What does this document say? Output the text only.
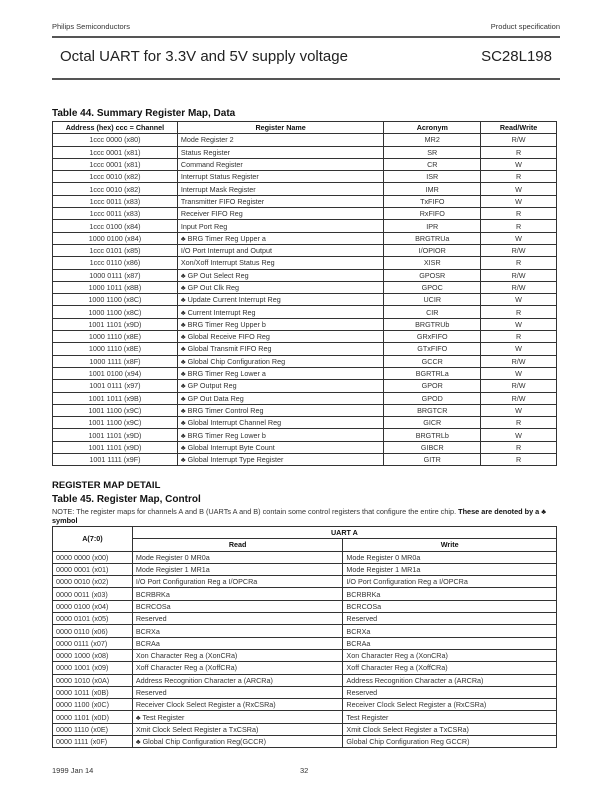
Philips Semiconductors	Product specification
Octal UART for 3.3V and 5V supply voltage	SC28L198
Table 44. Summary Register Map, Data
Address (hex) ccc = Channel	Register Name	Acronym	Read/Write
1ccc 0000 (x80)	Mode Register 2	MR2	R/W
1ccc 0001 (x81)	Status Register	SR	R
1ccc 0001 (x81)	Command Register	CR	W
1ccc 0010 (x82)	Interrupt Status Register	ISR	R
1ccc 0010 (x82)	Interrupt Mask Register	IMR	W
1ccc 0011 (x83)	Transmitter FIFO Register	TxFIFO	W
1ccc 0011 (x83)	Receiver FIFO Reg	RxFIFO	R
1ccc 0100 (x84)	Input Port Reg	IPR	R
1000 0100 (x84)	♣ BRG Timer Reg Upper a	BRGTRUa	W
1ccc 0101 (x85)	I/O Port Interrupt and Output	I/OPIOR	R/W
1ccc 0110 (x86)	Xon/Xoff Interrupt Status Reg	XISR	R
1000 0111 (x87)	♣ GP Out Select Reg	GPOSR	R/W
1000 1011 (x8B)	♣ GP Out Clk Reg	GPOC	R/W
1000 1100 (x8C)	♣ Update Current Interrupt Reg	UCIR	W
1000 1100 (x8C)	♣ Current Interrupt Reg	CIR	R
1001 1101 (x9D)	♣ BRG Timer Reg Upper b	BRGTRUb	W
1000 1110 (x8E)	♣ Global Receive FIFO Reg	GRxFIFO	R
1000 1110 (x8E)	♣ Global Transmit FIFO Reg	GTxFIFO	W
1000 1111 (x8F)	♣ Global Chip Configuration Reg	GCCR	R/W
1001 0100 (x94)	♣ BRG Timer Reg Lower a	BGRTRLa	W
1001 0111 (x97)	♣ GP Output Reg	GPOR	R/W
1001 1011 (x9B)	♣ GP Out Data Reg	GPOD	R/W
1001 1100 (x9C)	♣ BRG Timer Control Reg	BRGTCR	W
1001 1100 (x9C)	♣ Global Interrupt Channel Reg	GICR	R
1001 1101 (x9D)	♣ BRG Timer Reg Lower b	BRGTRLb	W
1001 1101 (x9D)	♣ Global Interrupt Byte Count	GIBCR	R
1001 1111 (x9F)	♣ Global Interrupt Type Register	GITR	R
REGISTER MAP DETAIL
Table 45. Register Map, Control
NOTE: The register maps for channels A and B (UARTs A and B) contain some control registers that configure the entire chip. These are denoted by a ♣ symbol
A(7:0)	UART A	
	Read	Write
0000 0000 (x00)	Mode Register 0 MR0a	Mode Register 0 MR0a
0000 0001 (x01)	Mode Register 1 MR1a	Mode Register 1 MR1a
0000 0010 (x02)	I/O Port Configuration Reg a I/OPCRa	I/O Port Configuration Reg a I/OPCRa
0000 0011 (x03)	BCRBRKa	BCRBRKa
0000 0100 (x04)	BCRCOSa	BCRCOSa
0000 0101 (x05)	Reserved	Reserved
0000 0110 (x06)	BCRXa	BCRXa
0000 0111 (x07)	BCRAa	BCRAa
0000 1000 (x08)	Xon Character Reg a (XonCRa)	Xon Character Reg a (XonCRa)
0000 1001 (x09)	Xoff Character Reg a (XoffCRa)	Xoff Character Reg a (XoffCRa)
0000 1010 (x0A)	Address Recognition Character a (ARCRa)	Address Recognition Character a (ARCRa)
0000 1011 (x0B)	Reserved	Reserved
0000 1100 (x0C)	Receiver Clock Select Register a (RxCSRa)	Receiver Clock Select Register a (RxCSRa)
0000 1101 (x0D)	♣ Test Register	Test Register
0000 1110 (x0E)	Xmit Clock Select Register a TxCSRa)	Xmit Clock Select Register a TxCSRa)
0000 1111 (x0F)	♣ Global Chip Configuration Reg(GCCR)	Global Chip Configuration Reg GCCR)
1999 Jan 14	32
